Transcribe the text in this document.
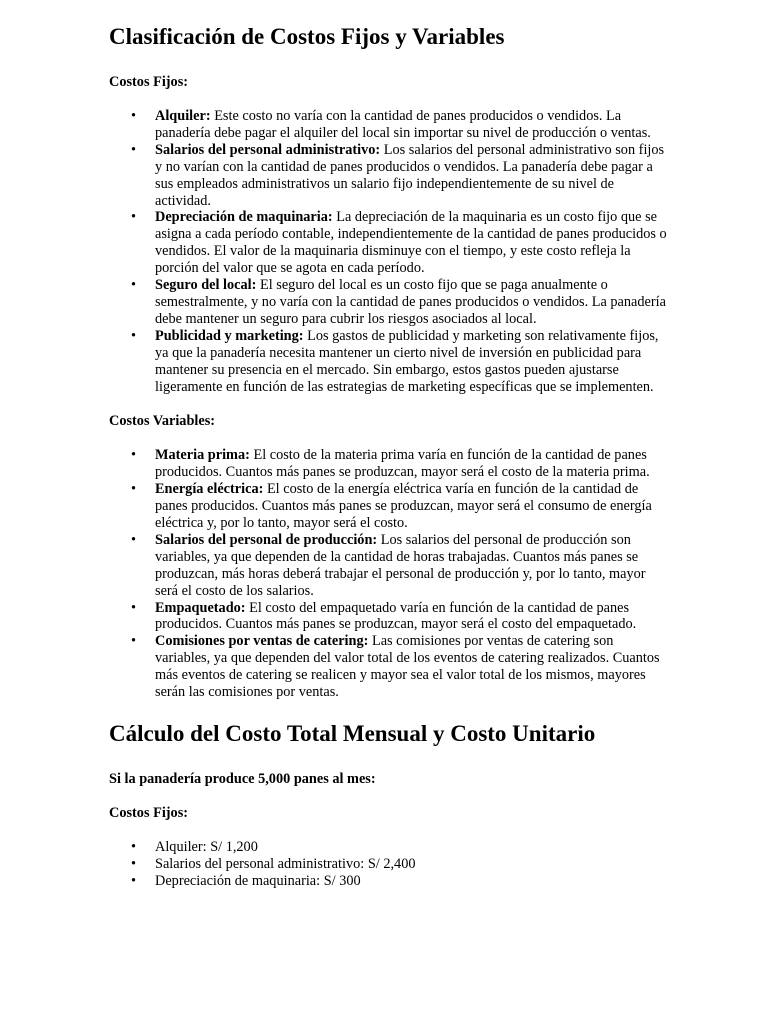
Clasificación de Costos Fijos y Variables

Costos Fijos:

• Alquiler: Este costo no varía con la cantidad de panes producidos o vendidos. La panadería debe pagar el alquiler del local sin importar su nivel de producción o ventas.
• Salarios del personal administrativo: Los salarios del personal administrativo son fijos y no varían con la cantidad de panes producidos o vendidos. La panadería debe pagar a sus empleados administrativos un salario fijo independientemente de su nivel de actividad.
• Depreciación de maquinaria: La depreciación de la maquinaria es un costo fijo que se asigna a cada período contable, independientemente de la cantidad de panes producidos o vendidos. El valor de la maquinaria disminuye con el tiempo, y este costo refleja la porción del valor que se agota en cada período.
• Seguro del local: El seguro del local es un costo fijo que se paga anualmente o semestralmente, y no varía con la cantidad de panes producidos o vendidos. La panadería debe mantener un seguro para cubrir los riesgos asociados al local.
• Publicidad y marketing: Los gastos de publicidad y marketing son relativamente fijos, ya que la panadería necesita mantener un cierto nivel de inversión en publicidad para mantener su presencia en el mercado. Sin embargo, estos gastos pueden ajustarse ligeramente en función de las estrategias de marketing específicas que se implementen.

Costos Variables:

• Materia prima: El costo de la materia prima varía en función de la cantidad de panes producidos. Cuantos más panes se produzcan, mayor será el costo de la materia prima.
• Energía eléctrica: El costo de la energía eléctrica varía en función de la cantidad de panes producidos. Cuantos más panes se produzcan, mayor será el consumo de energía eléctrica y, por lo tanto, mayor será el costo.
• Salarios del personal de producción: Los salarios del personal de producción son variables, ya que dependen de la cantidad de horas trabajadas. Cuantos más panes se produzcan, más horas deberá trabajar el personal de producción y, por lo tanto, mayor será el costo de los salarios.
• Empaquetado: El costo del empaquetado varía en función de la cantidad de panes producidos. Cuantos más panes se produzcan, mayor será el costo del empaquetado.
• Comisiones por ventas de catering: Las comisiones por ventas de catering son variables, ya que dependen del valor total de los eventos de catering realizados. Cuantos más eventos de catering se realicen y mayor sea el valor total de los mismos, mayores serán las comisiones por ventas.
Cálculo del Costo Total Mensual y Costo Unitario

Si la panadería produce 5,000 panes al mes:

Costos Fijos:

• Alquiler: S/ 1,200
• Salarios del personal administrativo: S/ 2,400
• Depreciación de maquinaria: S/ 300
